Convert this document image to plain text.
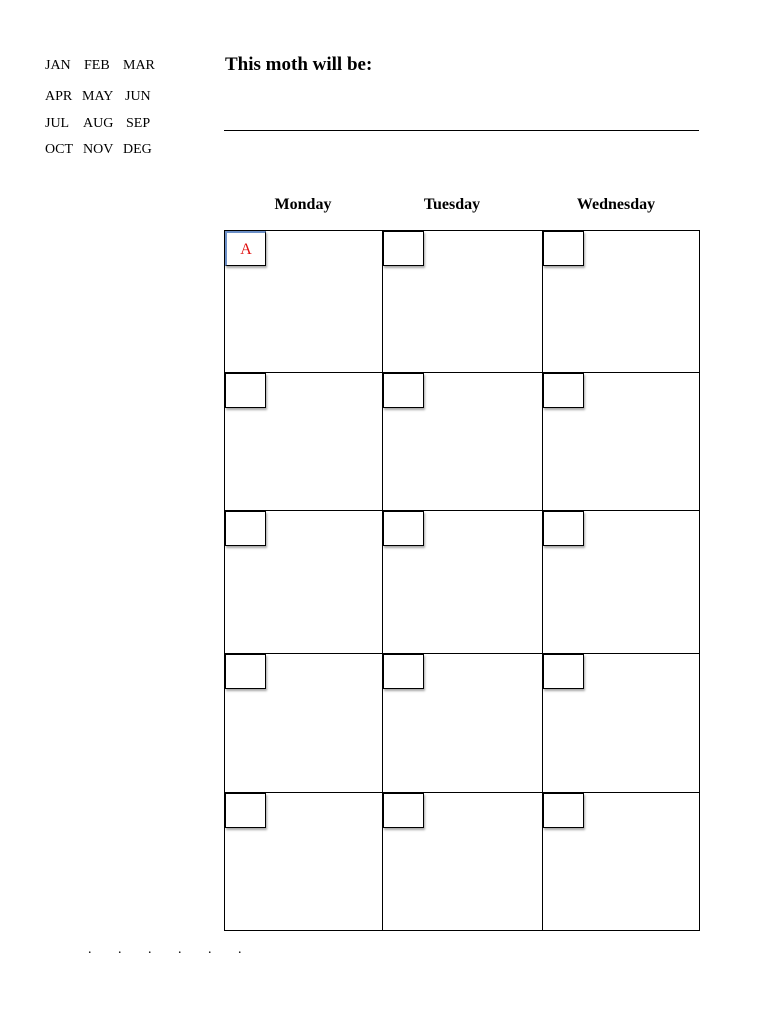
JAN FEB MAR
APR MAY JUN
JUL AUG SEP
OCT NOV DEG
This moth will be:
Monday	Tuesday	Wednesday
A
. . . . . .
